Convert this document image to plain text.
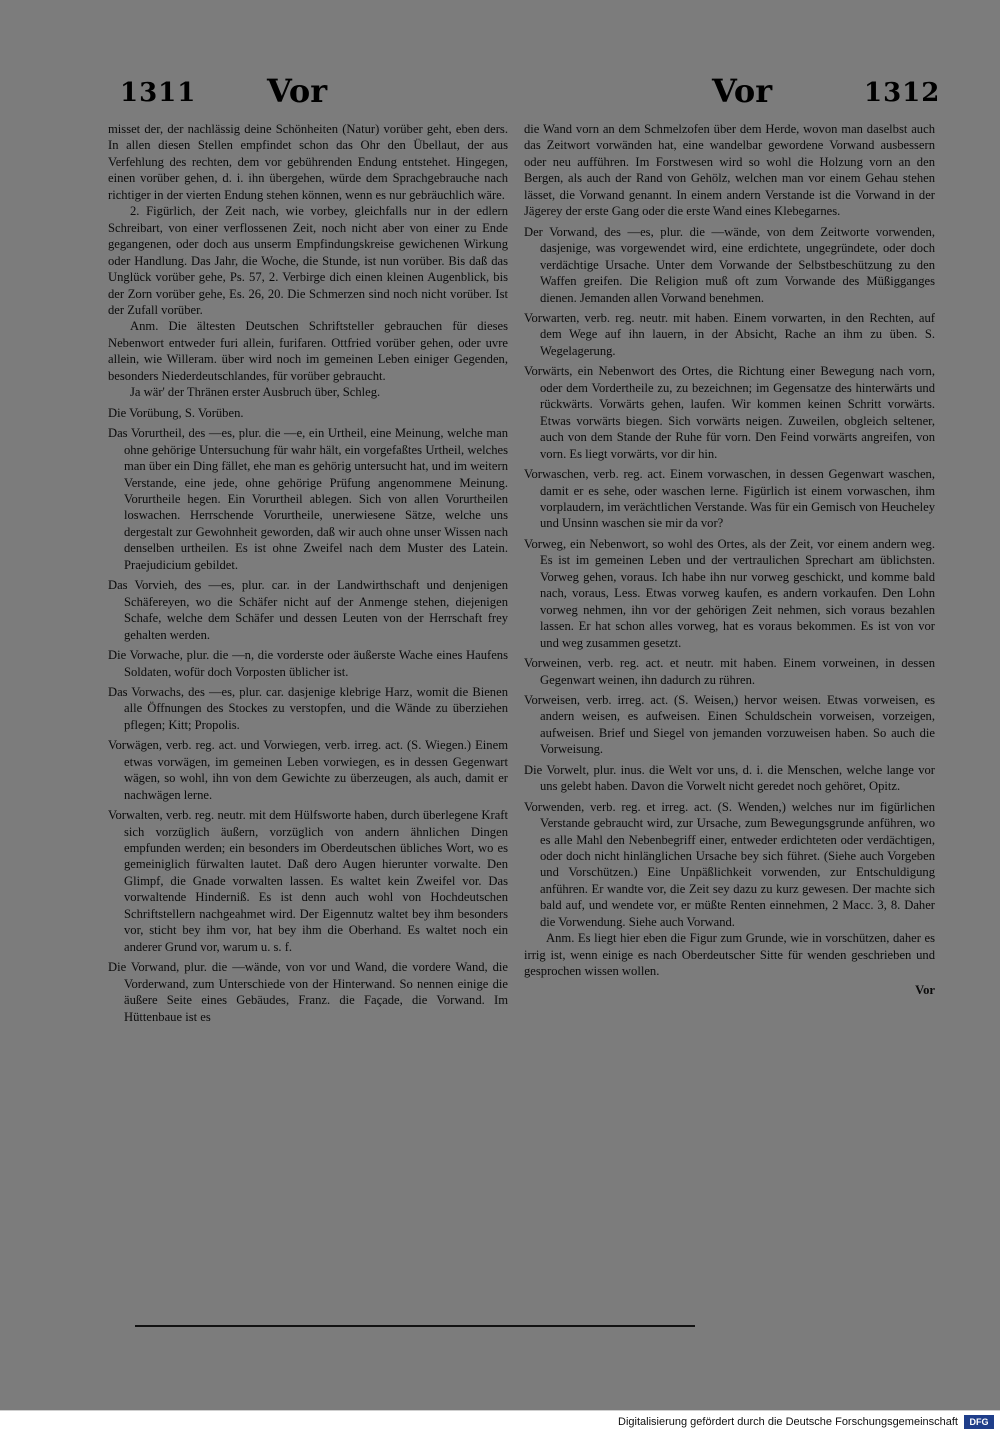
1311 Vor	Vor	1312

misset der, der nachlässig deine Schönheiten (Natur) vorüber geht, eben ders. In allen diesen Stellen empfindet schon das Ohr den Übellaut, der aus Verfehlung des rechten, dem vor gebührenden Endung entstehet. Hingegen, einen vorüber gehen, d. i. ihn übergehen, würde dem Sprachgebrauche nach richtiger in der vierten Endung stehen können, wenn es nur gebräuchlich wäre.

2. Figürlich, der Zeit nach, wie vorbey, gleichfalls nur in der edlern Schreibart, von einer verflossenen Zeit, noch nicht aber von einer zu Ende gegangenen, oder doch aus unserm Empfindungskreise gewichenen Wirkung oder Handlung. Das Jahr, die Woche, die Stunde, ist nun vorüber. Bis daß das Unglück vorüber gehe, Ps. 57, 2. Verbirge dich einen kleinen Augenblick, bis der Zorn vorüber gehe, Es. 26, 20. Die Schmerzen sind noch nicht vorüber. Ist der Zufall vorüber.

Anm. Die ältesten Deutschen Schriftsteller gebrauchen für dieses Nebenwort entweder furi allein, furifaren. Ottfried vorüber gehen, oder uvre allein, wie Willeram. über wird noch im gemeinen Leben einiger Gegenden, besonders Niederdeutschlandes, für vorüber gebraucht.

Ja wär' der Thränen erster Ausbruch über, Schleg.

Die Vorübung, S. Vorüben.

Das Vorurtheil, des —es, plur. die —e, ein Urtheil, eine Meinung, welche man ohne gehörige Untersuchung für wahr hält, ein vorgefaßtes Urtheil, welches man über ein Ding fället, ehe man es gehörig untersucht hat, und im weitern Verstande, eine jede, ohne gehörige Prüfung angenommene Meinung. Vorurtheile hegen. Ein Vorurtheil ablegen. Sich von allen Vorurtheilen loswachen. Herrschende Vorurtheile, unerwiesene Sätze, welche uns dergestalt zur Gewohnheit geworden, daß wir auch ohne unser Wissen nach denselben urtheilen. Es ist ohne Zweifel nach dem Muster des Latein. Praejudicium gebildet.

Das Vorvieh, des —es, plur. car. in der Landwirthschaft und denjenigen Schäfereyen, wo die Schäfer nicht auf der Anmenge stehen, diejenigen Schafe, welche dem Schäfer und dessen Leuten von der Herrschaft frey gehalten werden.

Die Vorwache, plur. die —n, die vorderste oder äußerste Wache eines Haufens Soldaten, wofür doch Vorposten üblicher ist.

Das Vorwachs, des —es, plur. car. dasjenige klebrige Harz, womit die Bienen alle Öffnungen des Stockes zu verstopfen, und die Wände zu überziehen pflegen; Kitt; Propolis.

Vorwägen, verb. reg. act. und Vorwiegen, verb. irreg. act. (S. Wiegen.) Einem etwas vorwägen, im gemeinen Leben vorwiegen, es in dessen Gegenwart wägen, so wohl, ihn von dem Gewichte zu überzeugen, als auch, damit er nachwägen lerne.

Vorwalten, verb. reg. neutr. mit dem Hülfsworte haben, durch überlegene Kraft sich vorzüglich äußern, vorzüglich von andern ähnlichen Dingen empfunden werden; ein besonders im Oberdeutschen übliches Wort, wo es gemeiniglich fürwalten lautet. Daß dero Augen hierunter vorwalte. Den Glimpf, die Gnade vorwalten lassen. Es waltet kein Zweifel vor. Das vorwaltende Hinderniß. Es ist denn auch wohl von Hochdeutschen Schriftstellern nachgeahmet wird. Der Eigennutz waltet bey ihm besonders vor, sticht bey ihm vor, hat bey ihm die Oberhand. Es waltet noch ein anderer Grund vor, warum u. s. f.

Die Vorwand, plur. die —wände, von vor und Wand, die vordere Wand, die Vorderwand, zum Unterschiede von der Hinterwand. So nennen einige die äußere Seite eines Gebäudes, Franz. die Façade, die Vorwand. Im Hüttenbaue ist es

die Wand vorn an dem Schmelzofen über dem Herde, wovon man daselbst auch das Zeitwort vorwänden hat, eine wandelbar gewordene Vorwand ausbessern oder neu aufführen. Im Forstwesen wird so wohl die Holzung vorn an den Bergen, als auch der Rand von Gehölz, welchen man vor einem Gehau stehen lässet, die Vorwand genannt. In einem andern Verstande ist die Vorwand in der Jägerey der erste Gang oder die erste Wand eines Klebegarnes.

Der Vorwand, des —es, plur. die —wände, von dem Zeitworte vorwenden, dasjenige, was vorgewendet wird, eine erdichtete, ungegründete, oder doch verdächtige Ursache. Unter dem Vorwande der Selbstbeschützung zu den Waffen greifen. Die Religion muß oft zum Vorwande des Müßigganges dienen. Jemanden allen Vorwand benehmen.

Vorwarten, verb. reg. neutr. mit haben. Einem vorwarten, in den Rechten, auf dem Wege auf ihn lauern, in der Absicht, Rache an ihm zu üben. S. Wegelagerung.

Vorwärts, ein Nebenwort des Ortes, die Richtung einer Bewegung nach vorn, oder dem Vordertheile zu, zu bezeichnen; im Gegensatze des hinterwärts und rückwärts. Vorwärts gehen, laufen. Wir kommen keinen Schritt vorwärts. Etwas vorwärts biegen. Sich vorwärts neigen. Zuweilen, obgleich seltener, auch von dem Stande der Ruhe für vorn. Den Feind vorwärts angreifen, von vorn. Es liegt vorwärts, vor dir hin.

Vorwaschen, verb. reg. act. Einem vorwaschen, in dessen Gegenwart waschen, damit er es sehe, oder waschen lerne. Figürlich ist einem vorwaschen, ihm vorplaudern, im verächtlichen Verstande. Was für ein Gemisch von Heucheley und Unsinn waschen sie mir da vor?

Vorweg, ein Nebenwort, so wohl des Ortes, als der Zeit, vor einem andern weg. Es ist im gemeinen Leben und der vertraulichen Sprechart am üblichsten. Vorweg gehen, voraus. Ich habe ihn nur vorweg geschickt, und komme bald nach, voraus, Less. Etwas vorweg kaufen, es andern vorkaufen. Den Lohn vorweg nehmen, ihn vor der gehörigen Zeit nehmen, sich voraus bezahlen lassen. Er hat schon alles vorweg, hat es voraus bekommen. Es ist von vor und weg zusammen gesetzt.

Vorweinen, verb. reg. act. et neutr. mit haben. Einem vorweinen, in dessen Gegenwart weinen, ihn dadurch zu rühren.

Vorweisen, verb. irreg. act. (S. Weisen,) hervor weisen. Etwas vorweisen, es andern weisen, es aufweisen. Einen Schuldschein vorweisen, vorzeigen, aufweisen. Brief und Siegel von jemanden vorzuweisen haben. So auch die Vorweisung.

Die Vorwelt, plur. inus. die Welt vor uns, d. i. die Menschen, welche lange vor uns gelebt haben. Davon die Vorwelt nicht geredet noch gehöret, Opitz.

Vorwenden, verb. reg. et irreg. act. (S. Wenden,) welches nur im figürlichen Verstande gebraucht wird, zur Ursache, zum Bewegungsgrunde anführen, wo es alle Mahl den Nebenbegriff einer, entweder erdichteten oder verdächtigen, oder doch nicht hinlänglichen Ursache bey sich führet. (Siehe auch Vorgeben und Vorschützen.) Eine Unpäßlichkeit vorwenden, zur Entschuldigung anführen. Er wandte vor, die Zeit sey dazu zu kurz gewesen. Der machte sich bald auf, und wendete vor, er müßte Renten einnehmen, 2 Macc. 3, 8. Daher die Vorwendung. Siehe auch Vorwand.

Anm. Es liegt hier eben die Figur zum Grunde, wie in vorschützen, daher es irrig ist, wenn einige es nach Oberdeutscher Sitte für wenden geschrieben und gesprochen wissen wollen.

Vor
Digitalisierung gefördert durch die Deutsche Forschungsgemeinschaft	DFG
